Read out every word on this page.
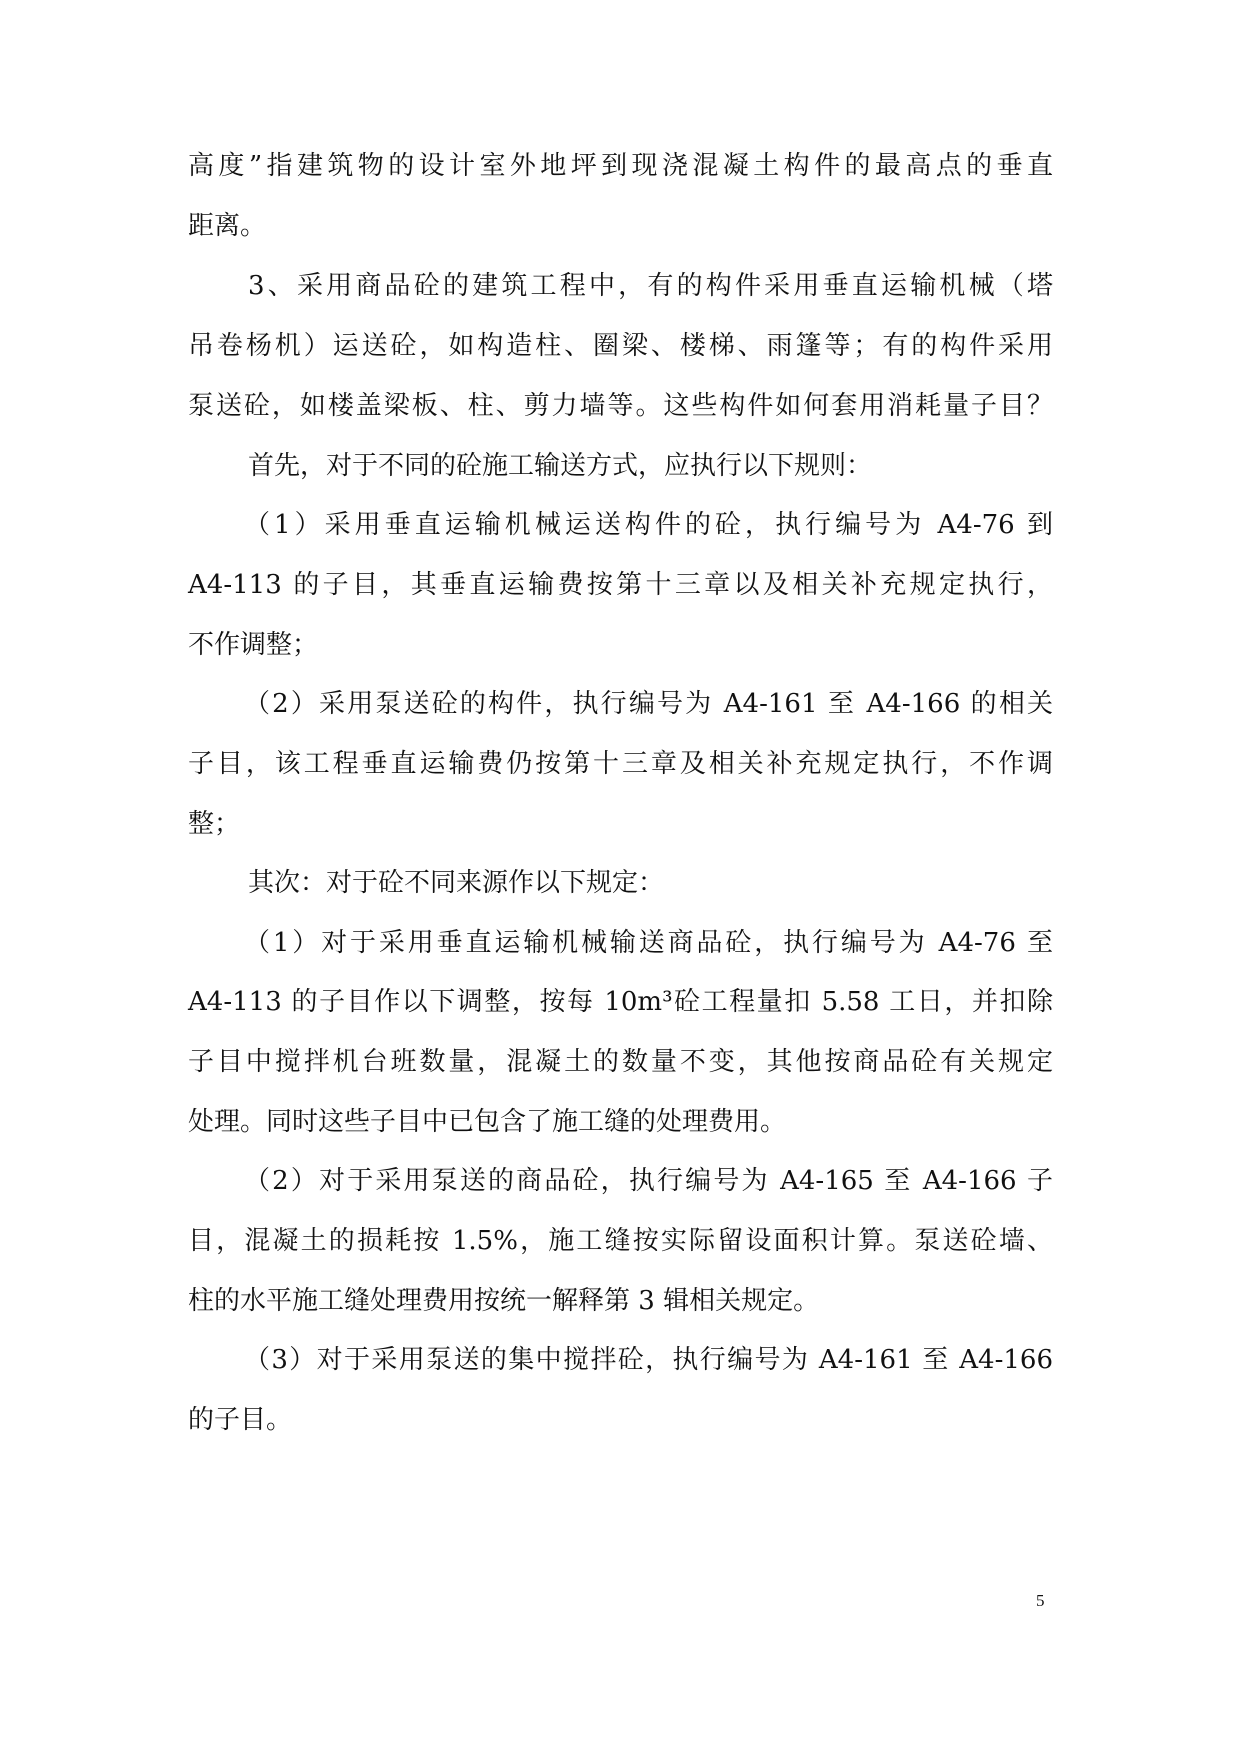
高度”指建筑物的设计室外地坪到现浇混凝土构件的最高点的垂直
距离。
3、采用商品砼的建筑工程中，有的构件采用垂直运输机械（塔
吊卷杨机）运送砼，如构造柱、圈梁、楼梯、雨篷等；有的构件采用
泵送砼，如楼盖梁板、柱、剪力墙等。这些构件如何套用消耗量子目？
首先，对于不同的砼施工输送方式，应执行以下规则：
（1）采用垂直运输机械运送构件的砼，执行编号为 A4-76 到
A4-113 的子目，其垂直运输费按第十三章以及相关补充规定执行，
不作调整；
（2）采用泵送砼的构件，执行编号为 A4-161 至 A4-166 的相关
子目，该工程垂直运输费仍按第十三章及相关补充规定执行，不作调
整；
其次：对于砼不同来源作以下规定：
（1）对于采用垂直运输机械输送商品砼，执行编号为 A4-76 至
A4-113 的子目作以下调整，按每 10m³砼工程量扣 5.58 工日，并扣除
子目中搅拌机台班数量，混凝土的数量不变，其他按商品砼有关规定
处理。同时这些子目中已包含了施工缝的处理费用。
（2）对于采用泵送的商品砼，执行编号为 A4-165 至 A4-166 子
目，混凝土的损耗按 1.5%，施工缝按实际留设面积计算。泵送砼墙、
柱的水平施工缝处理费用按统一解释第 3 辑相关规定。
（3）对于采用泵送的集中搅拌砼，执行编号为 A4-161 至 A4-166
的子目。
5
